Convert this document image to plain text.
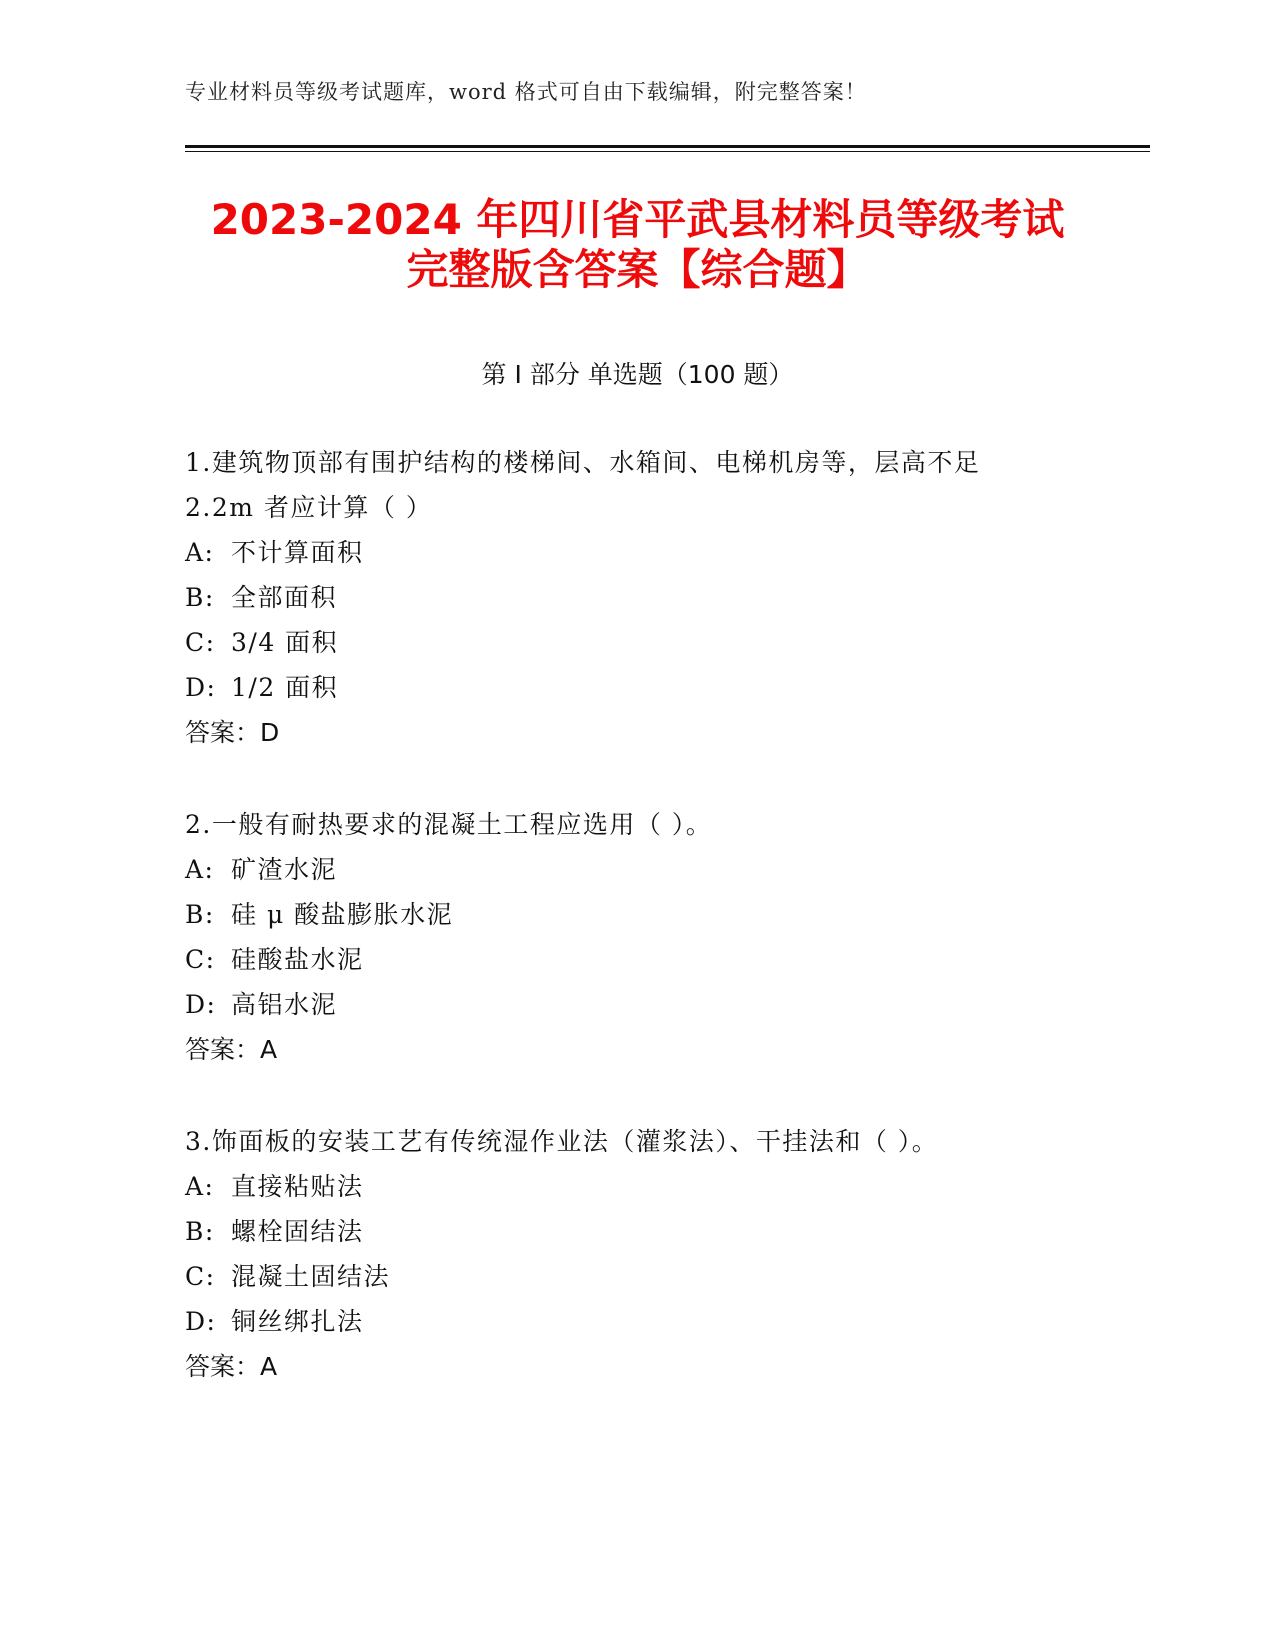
专业材料员等级考试题库，word 格式可自由下载编辑，附完整答案！
2023-2024 年四川省平武县材料员等级考试
完整版含答案【综合题】
第 I 部分 单选题（100 题）
1.建筑物顶部有围护结构的楼梯间、水箱间、电梯机房等，层高不足
2.2m 者应计算（ ）
A: 不计算面积
B: 全部面积
C: 3/4 面积
D: 1/2 面积
答案：D
2.一般有耐热要求的混凝土工程应选用（ ）。
A: 矿渣水泥
B: 硅 μ 酸盐膨胀水泥
C: 硅酸盐水泥
D: 高铝水泥
答案：A
3.饰面板的安装工艺有传统湿作业法（灌浆法）、干挂法和（ ）。
A: 直接粘贴法
B: 螺栓固结法
C: 混凝土固结法
D: 铜丝绑扎法
答案：A
